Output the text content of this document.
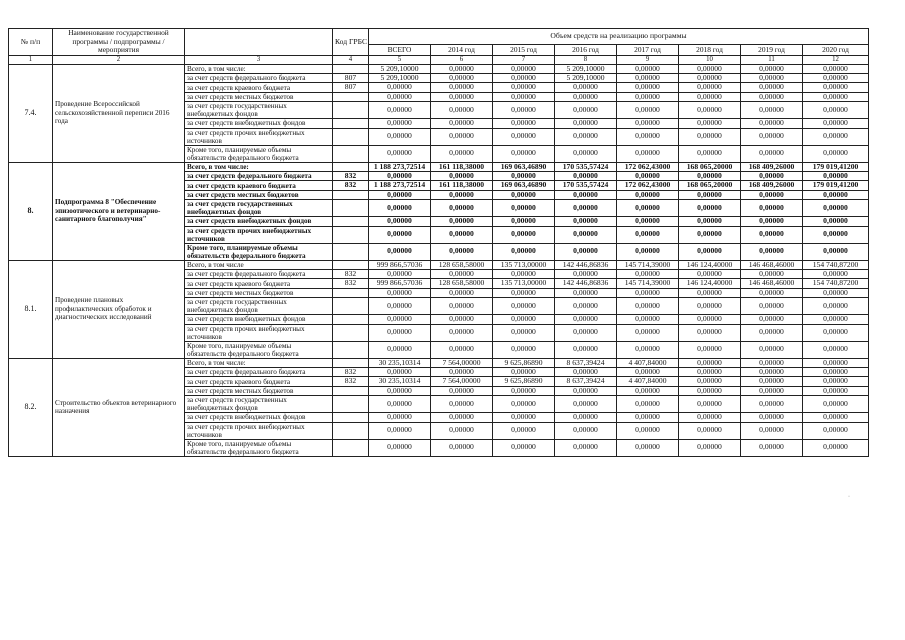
№ п/п	Наименование государственной программы / подпрограммы / мероприятия		Код ГРБС	Объем средств на реализацию программы							
				ВСЕГО	2014 год	2015 год	2016 год	2017 год	2018 год	2019 год	2020 год
1	2	3	4	5	6	7	8	9	10	11	12
7.4.	Проведение Всероссийской сельскохозяйственной переписи 2016 года	Всего, в том числе:		5 209,10000	0,00000	0,00000	5 209,10000	0,00000	0,00000	0,00000	0,00000
		за счет средств федерального бюджета	807	5 209,10000	0,00000	0,00000	5 209,10000	0,00000	0,00000	0,00000	0,00000
		за счет средств краевого бюджета	807	0,00000	0,00000	0,00000	0,00000	0,00000	0,00000	0,00000	0,00000
		за счет средств местных бюджетов		0,00000	0,00000	0,00000	0,00000	0,00000	0,00000	0,00000	0,00000
		за счет средств государственных внебюджетных фондов		0,00000	0,00000	0,00000	0,00000	0,00000	0,00000	0,00000	0,00000
		за счет средств внебюджетных фондов		0,00000	0,00000	0,00000	0,00000	0,00000	0,00000	0,00000	0,00000
		за счет средств прочих внебюджетных источников		0,00000	0,00000	0,00000	0,00000	0,00000	0,00000	0,00000	0,00000
		Кроме того, планируемые объемы обязательств федерального бюджета		0,00000	0,00000	0,00000	0,00000	0,00000	0,00000	0,00000	0,00000
8.	Подпрограмма 8 "Обеспечение эпизоотического и ветеринарно-санитарного благополучия"	Всего, в том числе:		1 188 273,72514	161 118,38000	169 063,46890	170 535,57424	172 062,43000	168 065,20000	168 409,26000	179 019,41200
		за счет средств федерального бюджета	832	0,00000	0,00000	0,00000	0,00000	0,00000	0,00000	0,00000	0,00000
		за счет средств краевого бюджета	832	1 188 273,72514	161 118,38000	169 063,46890	170 535,57424	172 062,43000	168 065,20000	168 409,26000	179 019,41200
		за счет средств местных бюджетов		0,00000	0,00000	0,00000	0,00000	0,00000	0,00000	0,00000	0,00000
		за счет средств государственных внебюджетных фондов		0,00000	0,00000	0,00000	0,00000	0,00000	0,00000	0,00000	0,00000
		за счет средств внебюджетных фондов		0,00000	0,00000	0,00000	0,00000	0,00000	0,00000	0,00000	0,00000
		за счет средств прочих внебюджетных источников		0,00000	0,00000	0,00000	0,00000	0,00000	0,00000	0,00000	0,00000
		Кроме того, планируемые объемы обязательств федерального бюджета		0,00000	0,00000	0,00000	0,00000	0,00000	0,00000	0,00000	0,00000
8.1.	Проведение плановых профилактических обработок и диагностических исследований	Всего, в том числе		999 866,57036	128 658,58000	135 713,00000	142 446,86836	145 714,39000	146 124,40000	146 468,46000	154 740,87200
		за счет средств федерального бюджета	832	0,00000	0,00000	0,00000	0,00000	0,00000	0,00000	0,00000	0,00000
		за счет средств краевого бюджета	832	999 866,57036	128 658,58000	135 713,00000	142 446,86836	145 714,39000	146 124,40000	146 468,46000	154 740,87200
		за счет средств местных бюджетов		0,00000	0,00000	0,00000	0,00000	0,00000	0,00000	0,00000	0,00000
		за счет средств государственных внебюджетных фондов		0,00000	0,00000	0,00000	0,00000	0,00000	0,00000	0,00000	0,00000
		за счет средств внебюджетных фондов		0,00000	0,00000	0,00000	0,00000	0,00000	0,00000	0,00000	0,00000
		за счет средств прочих внебюджетных источников		0,00000	0,00000	0,00000	0,00000	0,00000	0,00000	0,00000	0,00000
		Кроме того, планируемые объемы обязательств федерального бюджета		0,00000	0,00000	0,00000	0,00000	0,00000	0,00000	0,00000	0,00000
8.2.	Строительство объектов ветеринарного назначения	Всего, в том числе:		30 235,10314	7 564,00000	9 625,86890	8 637,39424	4 407,84000	0,00000	0,00000	0,00000
		за счет средств федерального бюджета	832	0,00000	0,00000	0,00000	0,00000	0,00000	0,00000	0,00000	0,00000
		за счет средств краевого бюджета	832	30 235,10314	7 564,00000	9 625,86890	8 637,39424	4 407,84000	0,00000	0,00000	0,00000
		за счет средств местных бюджетов		0,00000	0,00000	0,00000	0,00000	0,00000	0,00000	0,00000	0,00000
		за счет средств государственных внебюджетных фондов		0,00000	0,00000	0,00000	0,00000	0,00000	0,00000	0,00000	0,00000
		за счет средств внебюджетных фондов		0,00000	0,00000	0,00000	0,00000	0,00000	0,00000	0,00000	0,00000
		за счет средств прочих внебюджетных источников		0,00000	0,00000	0,00000	0,00000	0,00000	0,00000	0,00000	0,00000
		Кроме того, планируемые объемы обязательств федерального бюджета		0,00000	0,00000	0,00000	0,00000	0,00000	0,00000	0,00000	0,00000
·
